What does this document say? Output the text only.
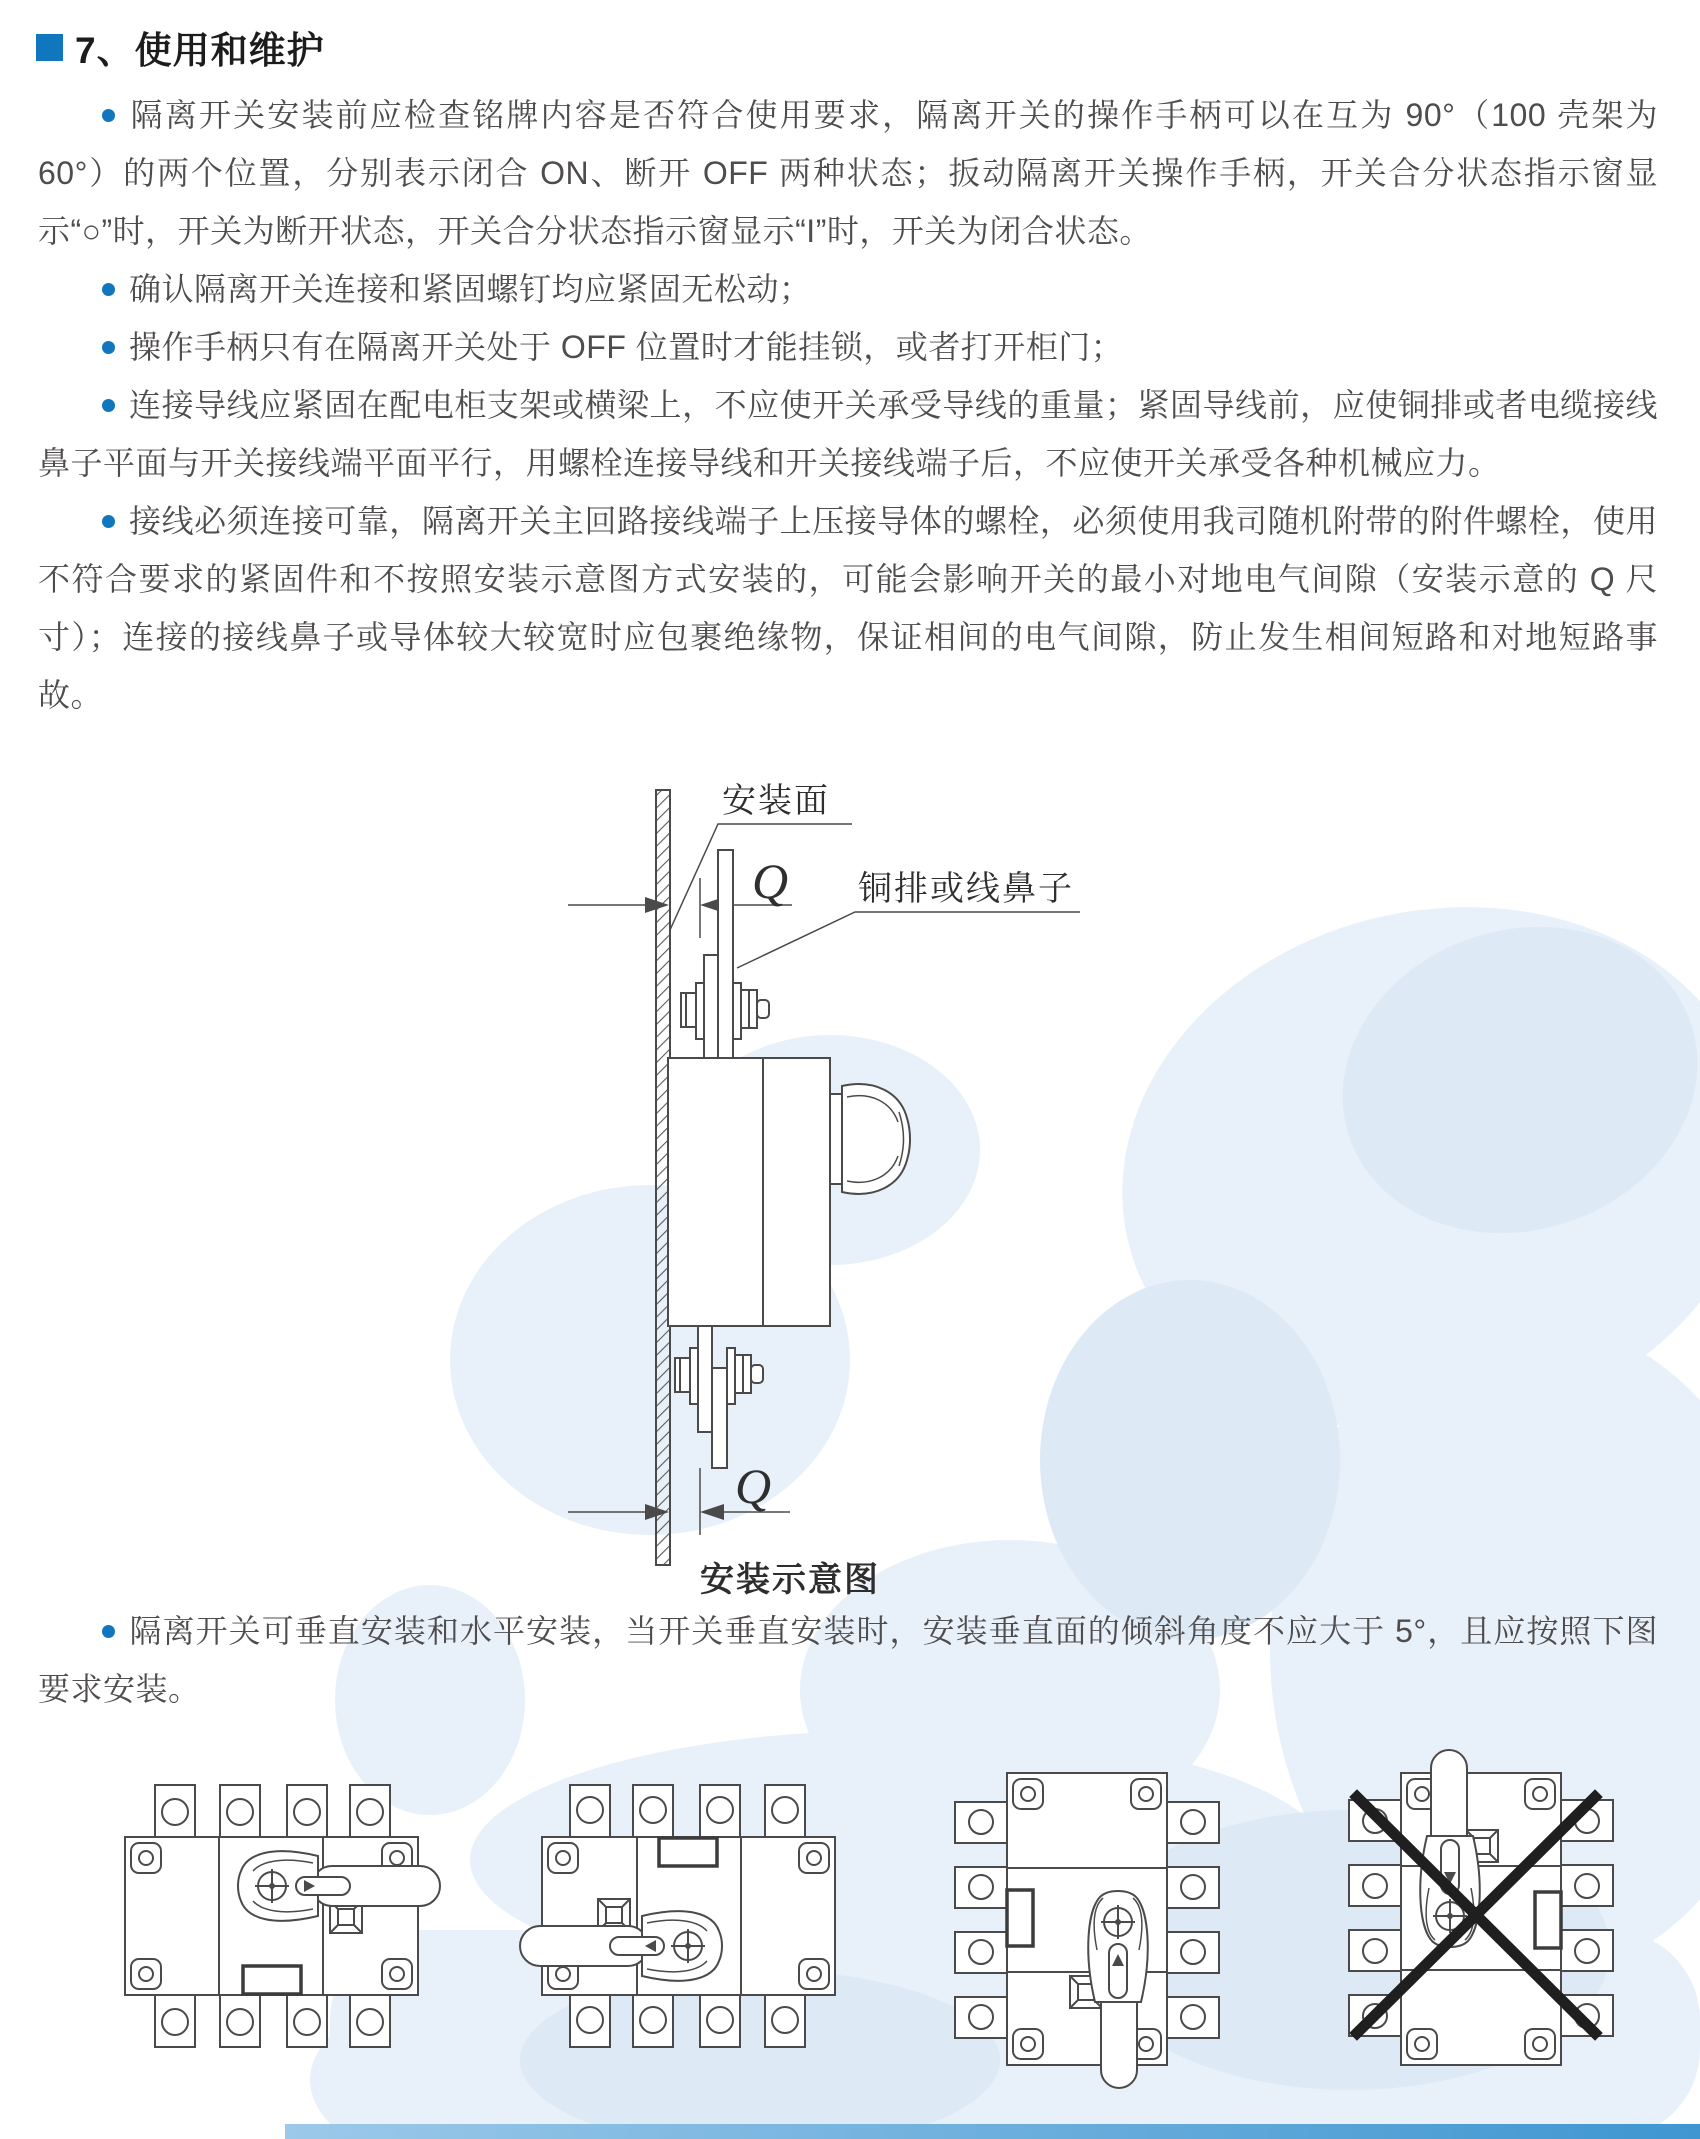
7、使用和维护

隔离开关安装前应检查铭牌内容是否符合使用要求，隔离开关的操作手柄可以在互为 90°（100 壳架为 60°）的两个位置，分别表示闭合 ON、断开 OFF 两种状态；扳动隔离开关操作手柄，开关合分状态指示窗显示“○”时，开关为断开状态，开关合分状态指示窗显示“I”时，开关为闭合状态。

确认隔离开关连接和紧固螺钉均应紧固无松动；

操作手柄只有在隔离开关处于 OFF 位置时才能挂锁，或者打开柜门；

连接导线应紧固在配电柜支架或横梁上，不应使开关承受导线的重量；紧固导线前，应使铜排或者电缆接线鼻子平面与开关接线端平面平行，用螺栓连接导线和开关接线端子后，不应使开关承受各种机械应力。

接线必须连接可靠，隔离开关主回路接线端子上压接导体的螺栓，必须使用我司随机附带的附件螺栓，使用不符合要求的紧固件和不按照安装示意图方式安装的，可能会影响开关的最小对地电气间隙（安装示意的 Q 尺寸）；连接的接线鼻子或导体较大较宽时应包裹绝缘物，保证相间的电气间隙，防止发生相间短路和对地短路事故。

Q
Q
安装面
铜排或线鼻子
安装示意图

隔离开关可垂直安装和水平安装，当开关垂直安装时，安装垂直面的倾斜角度不应大于 5°，且应按照下图要求安装。
